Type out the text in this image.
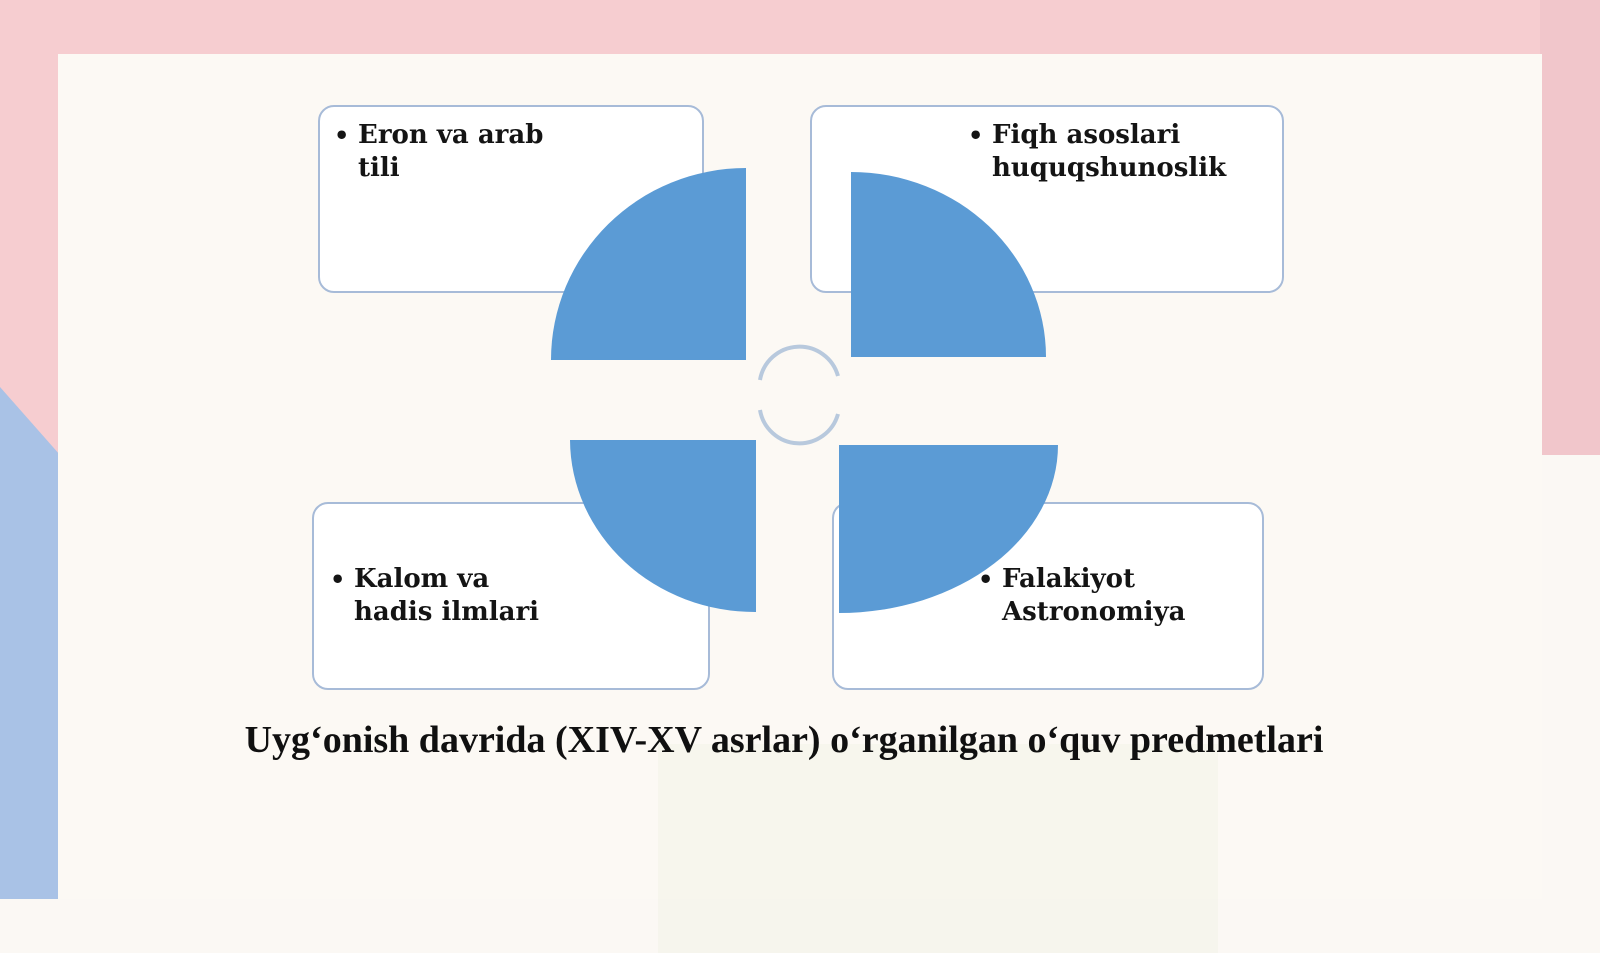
• Eron va arab
tili
• Fiqh asoslari
huquqshunoslik
• Kalom va
hadis ilmlari
• Falakiyot
Astronomiya
Uyg‘onish davrida (XIV-XV asrlar) o‘rganilgan o‘quv predmetlari
